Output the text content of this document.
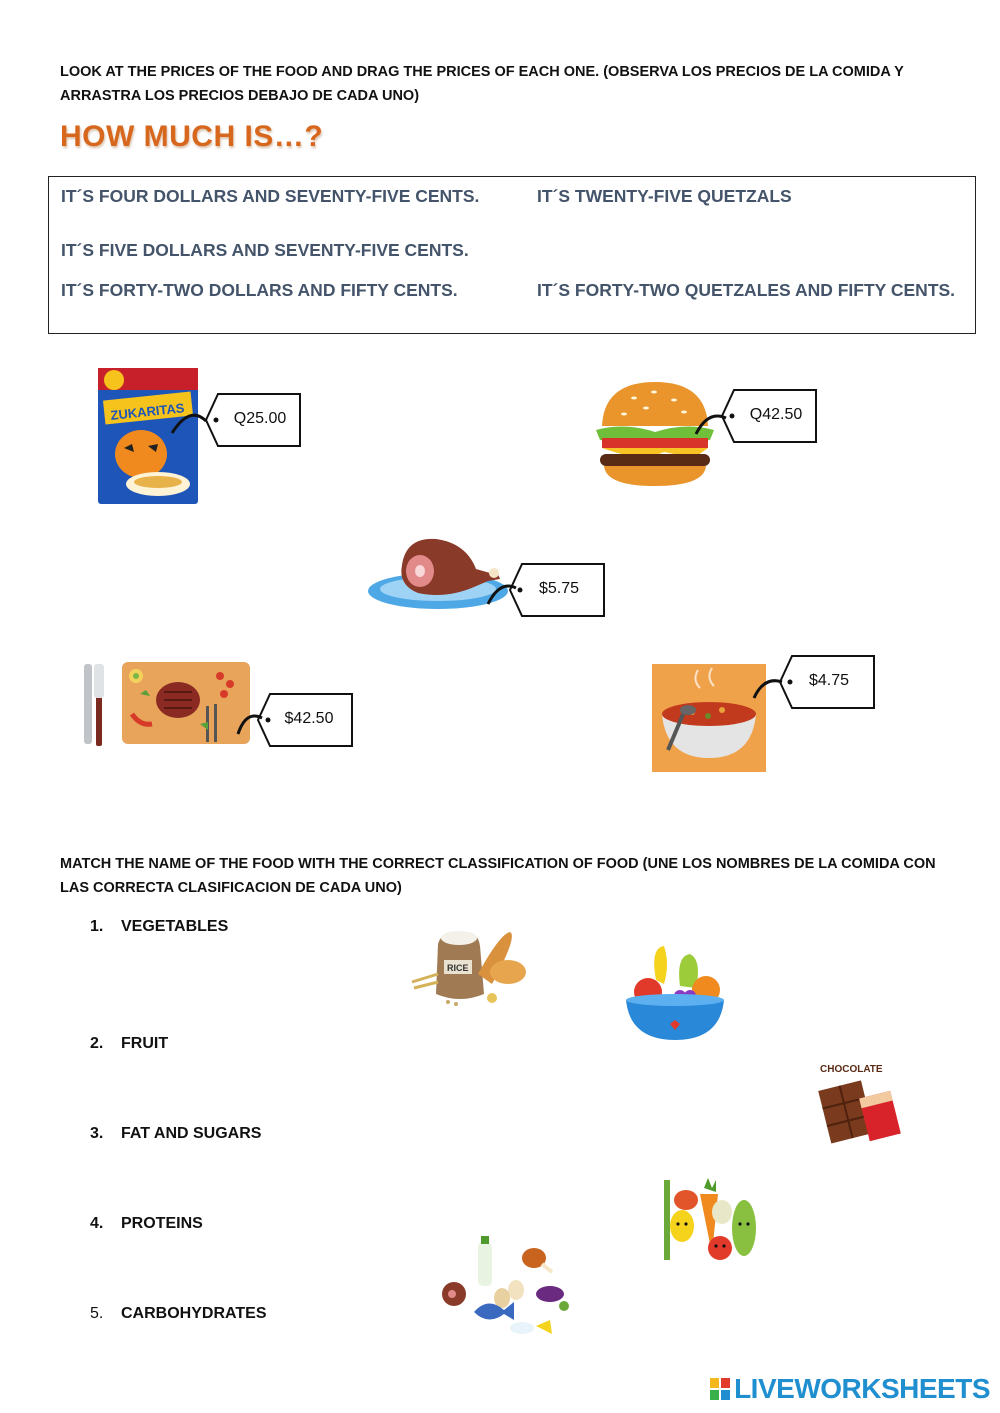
LOOK AT THE PRICES OF THE FOOD AND DRAG THE PRICES OF EACH ONE. (OBSERVA LOS PRECIOS DE LA COMIDA Y ARRASTRA LOS PRECIOS DEBAJO DE CADA UNO)
HOW MUCH IS…?
IT´S FOUR DOLLARS AND SEVENTY-FIVE CENTS.	IT´S TWENTY-FIVE QUETZALS
IT´S FIVE DOLLARS AND SEVENTY-FIVE CENTS.
IT´S FORTY-TWO DOLLARS AND FIFTY CENTS.	IT´S FORTY-TWO QUETZALES AND FIFTY CENTS.
ZUKARITAS	Q25.00	Q42.50
$5.75
$42.50
$4.75
MATCH THE NAME OF THE FOOD WITH THE CORRECT CLASSIFICATION OF FOOD (UNE LOS NOMBRES DE LA COMIDA CON LAS CORRECTA CLASIFICACION DE CADA UNO)
1. VEGETABLES
2. FRUIT
3. FAT AND SUGARS
4. PROTEINS
5. CARBOHYDRATES
RICE
CHOCOLATE
LIVEWORKSHEETS
